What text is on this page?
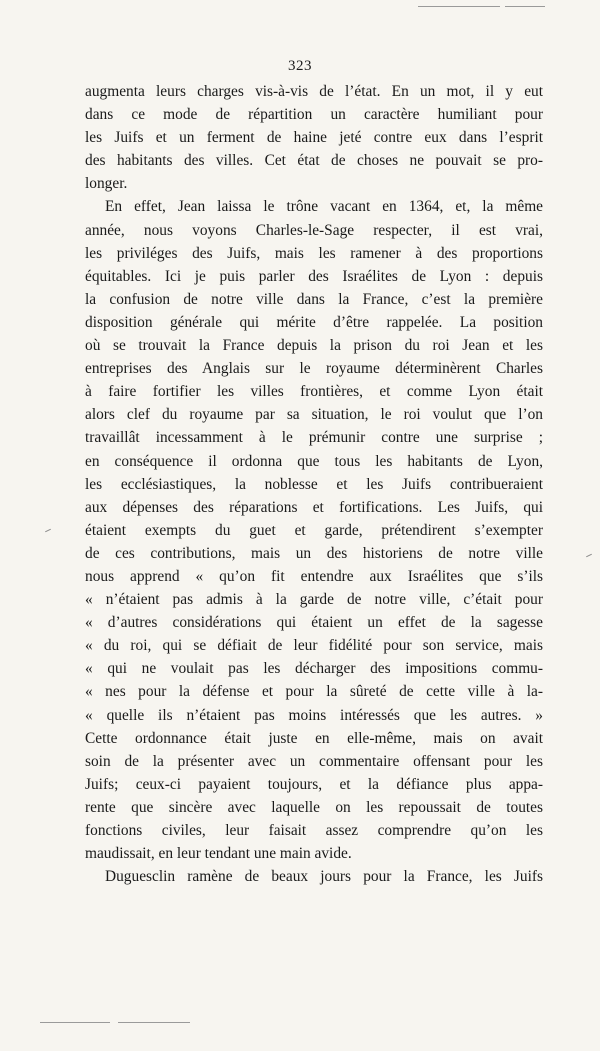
323
augmenta leurs charges vis-à-vis de l’état. En un mot, il y eut
dans ce mode de répartition un caractère humiliant pour
les Juifs et un ferment de haine jeté contre eux dans l’esprit
des habitants des villes. Cet état de choses ne pouvait se pro-
longer.
En effet, Jean laissa le trône vacant en 1364, et, la même
année, nous voyons Charles-le-Sage respecter, il est vrai,
les priviléges des Juifs, mais les ramener à des proportions
équitables. Ici je puis parler des Israélites de Lyon : depuis
la confusion de notre ville dans la France, c’est la première
disposition générale qui mérite d’être rappelée. La position
où se trouvait la France depuis la prison du roi Jean et les
entreprises des Anglais sur le royaume déterminèrent Charles
à faire fortifier les villes frontières, et comme Lyon était
alors clef du royaume par sa situation, le roi voulut que l’on
travaillât incessamment à le prémunir contre une surprise ;
en conséquence il ordonna que tous les habitants de Lyon,
les ecclésiastiques, la noblesse et les Juifs contribueraient
aux dépenses des réparations et fortifications. Les Juifs, qui
étaient exempts du guet et garde, prétendirent s’exempter
de ces contributions, mais un des historiens de notre ville
nous apprend « qu’on fit entendre aux Israélites que s’ils
« n’étaient pas admis à la garde de notre ville, c’était pour
« d’autres considérations qui étaient un effet de la sagesse
« du roi, qui se défiait de leur fidélité pour son service, mais
« qui ne voulait pas les décharger des impositions commu-
« nes pour la défense et pour la sûreté de cette ville à la-
« quelle ils n’étaient pas moins intéressés que les autres. »
Cette ordonnance était juste en elle-même, mais on avait
soin de la présenter avec un commentaire offensant pour les
Juifs; ceux-ci payaient toujours, et la défiance plus appa-
rente que sincère avec laquelle on les repoussait de toutes
fonctions civiles, leur faisait assez comprendre qu’on les
maudissait, en leur tendant une main avide.
Duguesclin ramène de beaux jours pour la France, les Juifs
